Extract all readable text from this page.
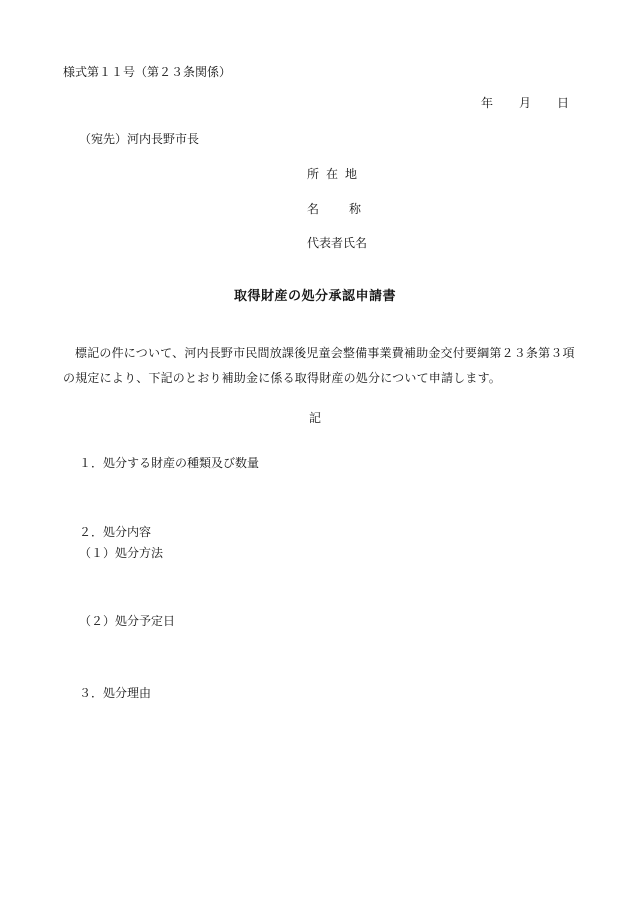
様式第１１号（第２３条関係）
年 月 日
（宛先）河内長野市長
所在地
名称
代表者氏名
取得財産の処分承認申請書
標記の件について、河内長野市民間放課後児童会整備事業費補助金交付要綱第２３条第３項の規定により、下記のとおり補助金に係る取得財産の処分について申請します。
記
１．処分する財産の種類及び数量
２．処分内容
（１）処分方法
（２）処分予定日
３．処分理由
